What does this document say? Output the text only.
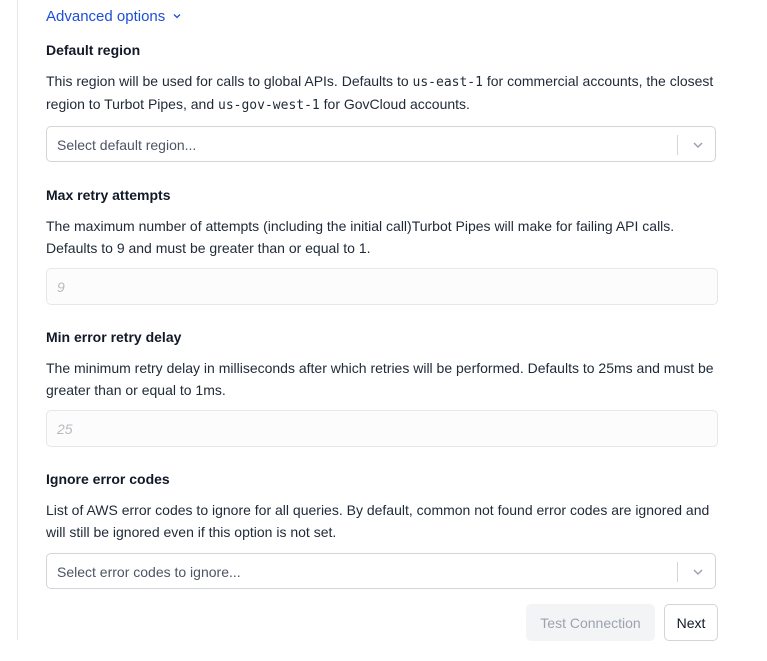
Advanced options
Default region
This region will be used for calls to global APIs. Defaults to us-east-1 for commercial accounts, the closest region to Turbot Pipes, and us-gov-west-1 for GovCloud accounts.
Select default region...
Max retry attempts
The maximum number of attempts (including the initial call)Turbot Pipes will make for failing API calls. Defaults to 9 and must be greater than or equal to 1.
9
Min error retry delay
The minimum retry delay in milliseconds after which retries will be performed. Defaults to 25ms and must be greater than or equal to 1ms.
25
Ignore error codes
List of AWS error codes to ignore for all queries. By default, common not found error codes are ignored and will still be ignored even if this option is not set.
Select error codes to ignore...
Test Connection	Next
